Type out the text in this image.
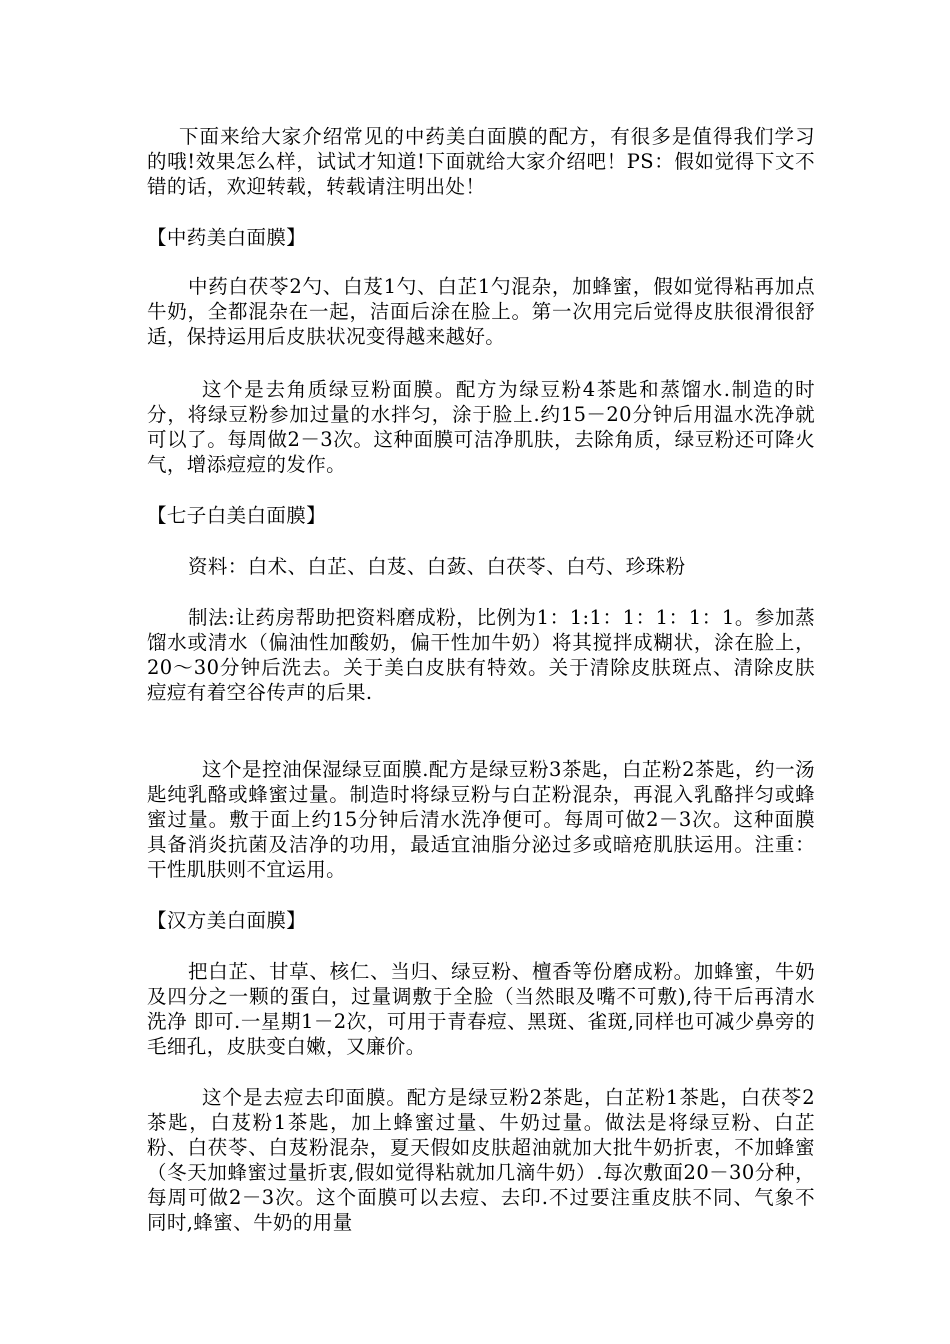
下面来给大家介绍常见的中药美白面膜的配方，有很多是值得我们学习的哦!效果怎么样，试试才知道!下面就给大家介绍吧！PS：假如觉得下文不错的话，欢迎转载，转载请注明出处！

【中药美白面膜】

中药白茯苓2勺、白芨1勺、白芷1勺混杂，加蜂蜜，假如觉得粘再加点牛奶，全都混杂在一起，洁面后涂在脸上。第一次用完后觉得皮肤很滑很舒适，保持运用后皮肤状况变得越来越好。

这个是去角质绿豆粉面膜。配方为绿豆粉4茶匙和蒸馏水.制造的时分，将绿豆粉参加过量的水拌匀，涂于脸上.约15－20分钟后用温水洗净就可以了。每周做2－3次。这种面膜可洁净肌肤，去除角质，绿豆粉还可降火气，增添痘痘的发作。

【七子白美白面膜】

资料：白术、白芷、白芨、白蔹、白茯苓、白芍、珍珠粉

制法:让药房帮助把资料磨成粉，比例为1：1:1：1：1：1：1。参加蒸馏水或清水（偏油性加酸奶，偏干性加牛奶）将其搅拌成糊状，涂在脸上，20～30分钟后洗去。关于美白皮肤有特效。关于清除皮肤斑点、清除皮肤痘痘有着空谷传声的后果.

这个是控油保湿绿豆面膜.配方是绿豆粉3茶匙，白芷粉2茶匙，约一汤匙纯乳酪或蜂蜜过量。制造时将绿豆粉与白芷粉混杂，再混入乳酪拌匀或蜂蜜过量。敷于面上约15分钟后清水洗净便可。每周可做2－3次。这种面膜具备消炎抗菌及洁净的功用，最适宜油脂分泌过多或暗疮肌肤运用。注重：干性肌肤则不宜运用。

【汉方美白面膜】

把白芷、甘草、核仁、当归、绿豆粉、檀香等份磨成粉。加蜂蜜，牛奶及四分之一颗的蛋白，过量调敷于全脸（当然眼及嘴不可敷),待干后再清水洗净 即可.一星期1－2次，可用于青春痘、黑斑、雀斑,同样也可减少鼻旁的毛细孔，皮肤变白嫩，又廉价。

这个是去痘去印面膜。配方是绿豆粉2茶匙，白芷粉1茶匙，白茯苓2茶匙，白芨粉1茶匙，加上蜂蜜过量、牛奶过量。做法是将绿豆粉、白芷粉、白茯苓、白芨粉混杂，夏天假如皮肤超油就加大批牛奶折衷，不加蜂蜜（冬天加蜂蜜过量折衷,假如觉得粘就加几滴牛奶）.每次敷面20－30分种，每周可做2－3次。这个面膜可以去痘、去印.不过要注重皮肤不同、气象不同时,蜂蜜、牛奶的用量
